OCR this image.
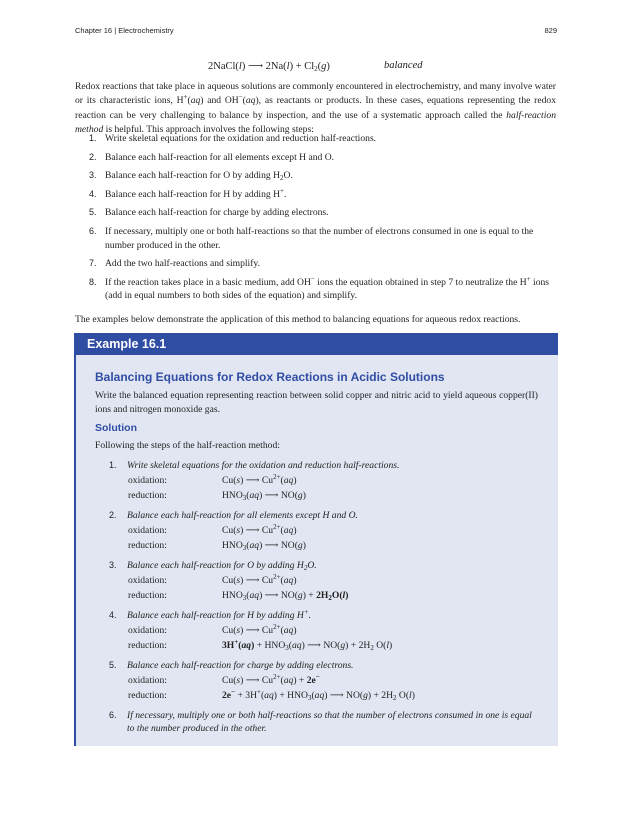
Chapter 16 | Electrochemistry	829
2NaCl(l) ⟶ $2Na(l) + Cl_2(g)$	balanced

Redox reactions that take place in aqueous solutions are commonly encountered in electrochemistry, and many involve water or its characteristic ions, H+(aq) and OH−(aq), as reactants or products. In these cases, equations representing the redox reaction can be very challenging to balance by inspection, and the use of a systematic approach called the half-reaction method is helpful. This approach involves the following steps:

1. Write skeletal equations for the oxidation and reduction half-reactions.
2. Balance each half-reaction for all elements except H and O.
3. Balance each half-reaction for O by adding $H_2O$.
4. Balance each half-reaction for H by adding H+.
5. Balance each half-reaction for charge by adding electrons.
6. If necessary, multiply one or both half-reactions so that the number of electrons consumed in one is equal to the number produced in the other.
7. Add the two half-reactions and simplify.
8. If the reaction takes place in a basic medium, add OH− ions the equation obtained in step 7 to neutralize the H+ ions (add in equal numbers to both sides of the equation) and simplify.

The examples below demonstrate the application of this method to balancing equations for aqueous redox reactions.

Example 16.1
Balancing Equations for Redox Reactions in Acidic Solutions

Write the balanced equation representing reaction between solid copper and nitric acid to yield aqueous copper(II) ions and nitrogen monoxide gas.

Solution

Following the steps of the half-reaction method:

1. Write skeletal equations for the oxidation and reduction half-reactions.
oxidation:	Cu(s) ⟶ $Cu^{2+}(aq)$
reduction:	$HNO_3(aq)$ ⟶ NO(g)
2. Balance each half-reaction for all elements except H and O.
oxidation:	Cu(s) ⟶ $Cu^{2+}(aq)$
reduction:	$HNO_3(aq)$ ⟶ NO(g)
3. Balance each half-reaction for O by adding $H_2O$.
oxidation:	Cu(s) ⟶ $Cu^{2+}(aq)$
reduction:	$HNO_3(aq)$ ⟶ $NO(g) + 2H_2O(l)$
4. Balance each half-reaction for H by adding H+.
oxidation:	Cu(s) ⟶ $Cu^{2+}(aq)$
reduction:	$3H^+(aq) + HNO_3(aq)$ ⟶ $NO(g) + 2H_2$ O(l)
5. Balance each half-reaction for charge by adding electrons.
oxidation:	Cu(s) ⟶ $Cu^{2+}(aq) + 2e^-$
reduction:	$2e^- + 3H^+(aq) + HNO_3(aq)$ ⟶ $NO(g) + 2H_2$ O(l)
6. If necessary, multiply one or both half-reactions so that the number of electrons consumed in one is equal to the number produced in the other.
